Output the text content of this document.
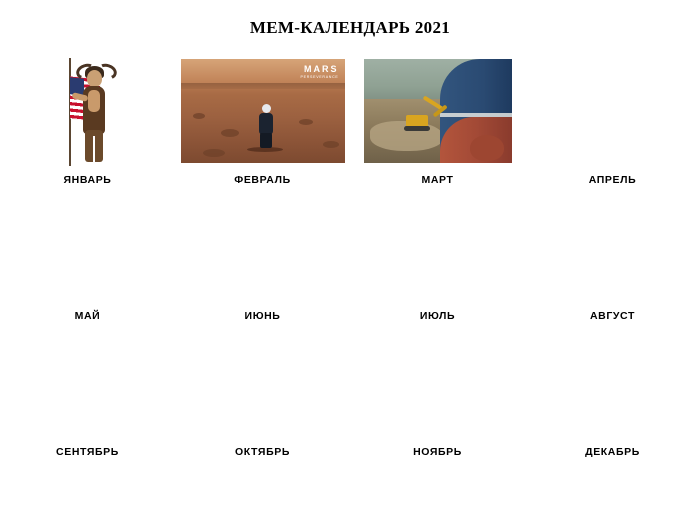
МЕМ-КАЛЕНДАРЬ 2021
ЯНВАРЬ
MARS
PERSEVERANCE
ФЕВРАЛЬ	МАРТ	АПРЕЛЬ
МАЙ	ИЮНЬ	ИЮЛЬ	АВГУСТ
СЕНТЯБРЬ	ОКТЯБРЬ	НОЯБРЬ	ДЕКАБРЬ
